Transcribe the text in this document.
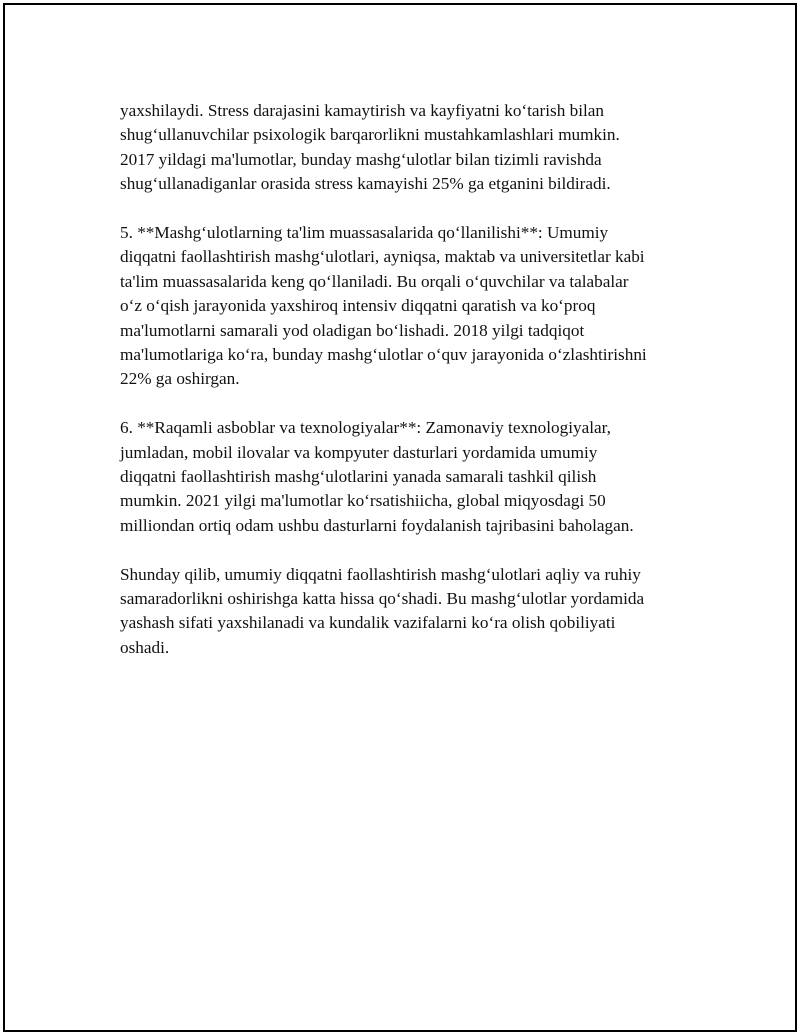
yaxshilaydi. Stress darajasini kamaytirish va kayfiyatni ko‘tarish bilan
shug‘ullanuvchilar psixologik barqarorlikni mustahkamlashlari mumkin.
2017 yildagi ma'lumotlar, bunday mashg‘ulotlar bilan tizimli ravishda
shug‘ullanadiganlar orasida stress kamayishi 25% ga etganini bildiradi.

5. **Mashg‘ulotlarning ta'lim muassasalarida qo‘llanilishi**: Umumiy
diqqatni faollashtirish mashg‘ulotlari, ayniqsa, maktab va universitetlar kabi
ta'lim muassasalarida keng qo‘llaniladi. Bu orqali o‘quvchilar va talabalar
o‘z o‘qish jarayonida yaxshiroq intensiv diqqatni qaratish va ko‘proq
ma'lumotlarni samarali yod oladigan bo‘lishadi. 2018 yilgi tadqiqot
ma'lumotlariga ko‘ra, bunday mashg‘ulotlar o‘quv jarayonida o‘zlashtirishni
22% ga oshirgan.

6. **Raqamli asboblar va texnologiyalar**: Zamonaviy texnologiyalar,
jumladan, mobil ilovalar va kompyuter dasturlari yordamida umumiy
diqqatni faollashtirish mashg‘ulotlarini yanada samarali tashkil qilish
mumkin. 2021 yilgi ma'lumotlar ko‘rsatishiicha, global miqyosdagi 50
milliondan ortiq odam ushbu dasturlarni foydalanish tajribasini baholagan.

Shunday qilib, umumiy diqqatni faollashtirish mashg‘ulotlari aqliy va ruhiy
samaradorlikni oshirishga katta hissa qo‘shadi. Bu mashg‘ulotlar yordamida
yashash sifati yaxshilanadi va kundalik vazifalarni ko‘ra olish qobiliyati
oshadi.
